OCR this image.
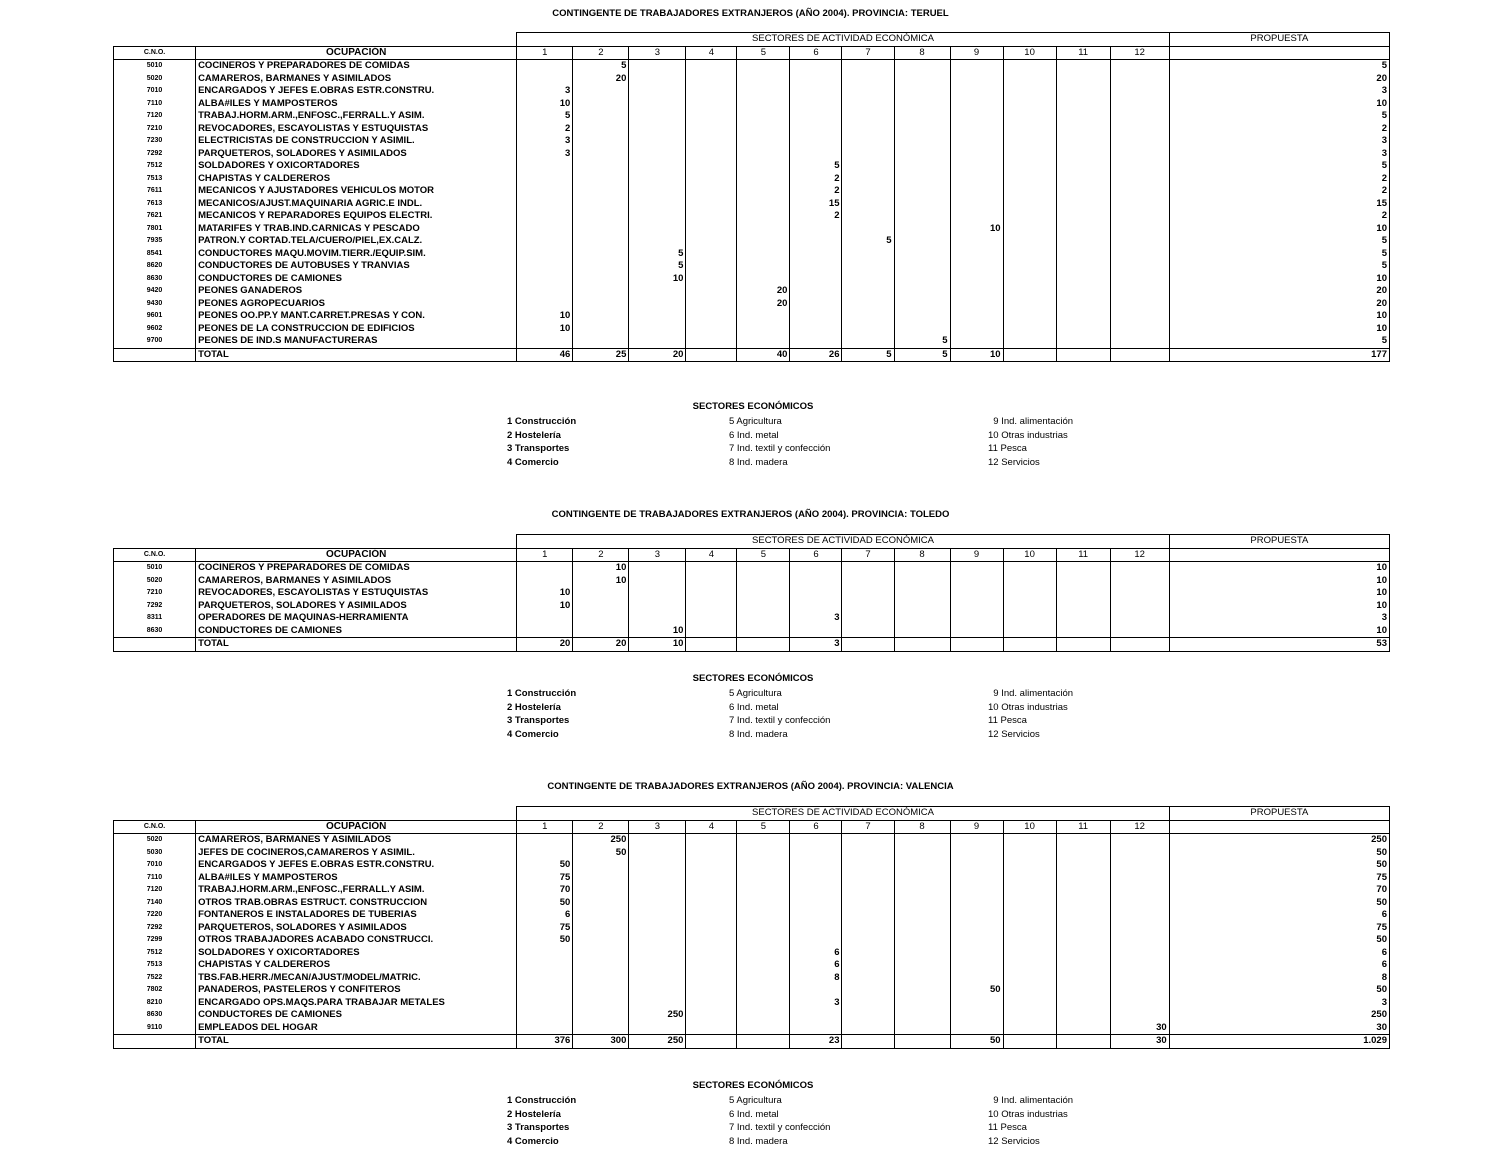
CONTINGENTE DE TRABAJADORES EXTRANJEROS (AÑO 2004). PROVINCIA: TERUEL
		SECTORES DE ACTIVIDAD ECONÓMICA												PROPUESTA
C.N.O.	OCUPACIÓN	1	2	3	4	5	6	7	8	9	10	11	12	
5010	COCINEROS Y PREPARADORES DE COMIDAS		5											5
5020	CAMAREROS, BARMANES Y ASIMILADOS		20											20
7010	ENCARGADOS Y JEFES E.OBRAS ESTR.CONSTRU.	3												3
7110	ALBA#ILES Y MAMPOSTEROS	10												10
7120	TRABAJ.HORM.ARM.,ENFOSC.,FERRALL.Y ASIM.	5												5
7210	REVOCADORES, ESCAYOLISTAS Y ESTUQUISTAS	2												2
7230	ELECTRICISTAS DE CONSTRUCCION Y ASIMIL.	3												3
7292	PARQUETEROS, SOLADORES Y ASIMILADOS	3												3
7512	SOLDADORES Y OXICORTADORES						5							5
7513	CHAPISTAS Y CALDEREROS						2							2
7611	MECANICOS Y AJUSTADORES VEHICULOS MOTOR						2							2
7613	MECANICOS/AJUST.MAQUINARIA AGRIC.E INDL.						15							15
7621	MECANICOS Y REPARADORES EQUIPOS ELECTRI.						2							2
7801	MATARIFES Y TRAB.IND.CARNICAS Y PESCADO									10				10
7935	PATRON.Y CORTAD.TELA/CUERO/PIEL,EX.CALZ.							5						5
8541	CONDUCTORES MAQU.MOVIM.TIERR./EQUIP.SIM.			5										5
8620	CONDUCTORES DE AUTOBUSES Y TRANVIAS			5										5
8630	CONDUCTORES DE CAMIONES			10										10
9420	PEONES GANADEROS					20								20
9430	PEONES AGROPECUARIOS					20								20
9601	PEONES OO.PP.Y MANT.CARRET.PRESAS Y CON.	10												10
9602	PEONES DE LA CONSTRUCCION DE EDIFICIOS	10												10
9700	PEONES DE IND.S MANUFACTURERAS								5					5
	TOTAL	46	25	20		40	26	5	5	10				177
SECTORES ECONÓMICOS
1 Construcción
2 Hostelería
3 Transportes
4 Comercio
5 Agricultura
6 Ind. metal
7 Ind. textil y confección
8 Ind. madera
9 Ind. alimentación
10 Otras industrias
11 Pesca
12 Servicios
CONTINGENTE DE TRABAJADORES EXTRANJEROS (AÑO 2004). PROVINCIA: TOLEDO
		SECTORES DE ACTIVIDAD ECONÓMICA												PROPUESTA
C.N.O.	OCUPACIÓN	1	2	3	4	5	6	7	8	9	10	11	12	
5010	COCINEROS Y PREPARADORES DE COMIDAS		10											10
5020	CAMAREROS, BARMANES Y ASIMILADOS		10											10
7210	REVOCADORES, ESCAYOLISTAS Y ESTUQUISTAS	10												10
7292	PARQUETEROS, SOLADORES Y ASIMILADOS	10												10
8311	OPERADORES DE MAQUINAS-HERRAMIENTA						3							3
8630	CONDUCTORES DE CAMIONES			10										10
	TOTAL	20	20	10			3							53
SECTORES ECONÓMICOS
1 Construcción
2 Hostelería
3 Transportes
4 Comercio
5 Agricultura
6 Ind. metal
7 Ind. textil y confección
8 Ind. madera
9 Ind. alimentación
10 Otras industrias
11 Pesca
12 Servicios
CONTINGENTE DE TRABAJADORES EXTRANJEROS (AÑO 2004). PROVINCIA: VALENCIA
		SECTORES DE ACTIVIDAD ECONÓMICA												PROPUESTA
C.N.O.	OCUPACIÓN	1	2	3	4	5	6	7	8	9	10	11	12	
5020	CAMAREROS, BARMANES Y ASIMILADOS		250											250
5030	JEFES DE COCINEROS,CAMAREROS Y ASIMIL.		50											50
7010	ENCARGADOS Y JEFES E.OBRAS ESTR.CONSTRU.	50												50
7110	ALBA#ILES Y MAMPOSTEROS	75												75
7120	TRABAJ.HORM.ARM.,ENFOSC.,FERRALL.Y ASIM.	70												70
7140	OTROS TRAB.OBRAS ESTRUCT. CONSTRUCCION	50												50
7220	FONTANEROS E INSTALADORES DE TUBERIAS	6												6
7292	PARQUETEROS, SOLADORES Y ASIMILADOS	75												75
7299	OTROS TRABAJADORES ACABADO CONSTRUCCI.	50												50
7512	SOLDADORES Y OXICORTADORES						6							6
7513	CHAPISTAS Y CALDEREROS						6							6
7522	TBS.FAB.HERR./MECAN/AJUST/MODEL/MATRIC.						8							8
7802	PANADEROS, PASTELEROS Y CONFITEROS									50				50
8210	ENCARGADO OPS.MAQS.PARA TRABAJAR METALES						3							3
8630	CONDUCTORES DE CAMIONES			250										250
9110	EMPLEADOS DEL HOGAR												30	30
	TOTAL	376	300	250			23			50			30	1.029
SECTORES ECONÓMICOS
1 Construcción
2 Hostelería
3 Transportes
4 Comercio
5 Agricultura
6 Ind. metal
7 Ind. textil y confección
8 Ind. madera
9 Ind. alimentación
10 Otras industrias
11 Pesca
12 Servicios
